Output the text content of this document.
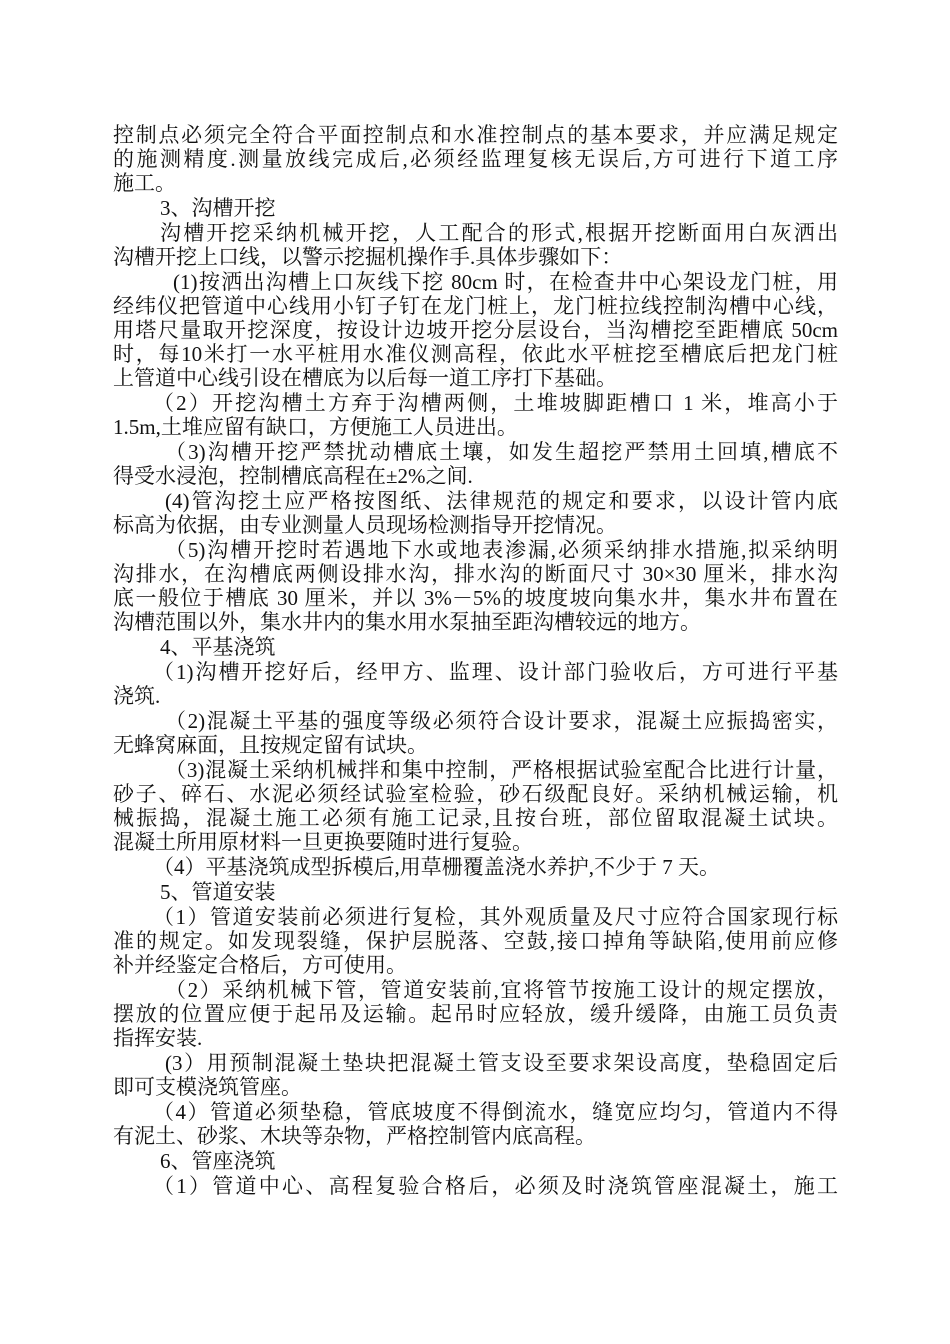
控制点必须完全符合平面控制点和水准控制点的基本要求，并应满足规定
的施测精度.测量放线完成后,必须经监理复核无误后,方可进行下道工序
施工。
3、沟槽开挖
沟槽开挖采纳机械开挖，人工配合的形式,根据开挖断面用白灰洒出
沟槽开挖上口线，以警示挖掘机操作手.具体步骤如下：
(1)按洒出沟槽上口灰线下挖 80cm 时，在检查井中心架设龙门桩，用
经纬仪把管道中心线用小钉子钉在龙门桩上，龙门桩拉线控制沟槽中心线，
用塔尺量取开挖深度，按设计边坡开挖分层设台，当沟槽挖至距槽底 50cm
时，每10米打一水平桩用水准仪测高程，依此水平桩挖至槽底后把龙门桩
上管道中心线引设在槽底为以后每一道工序打下基础。
（2）开挖沟槽土方弃于沟槽两侧，土堆坡脚距槽口 1 米，堆高小于
1.5m,土堆应留有缺口，方便施工人员进出。
（3)沟槽开挖严禁扰动槽底土壤，如发生超挖严禁用土回填,槽底不
得受水浸泡，控制槽底高程在±2%之间.
(4)管沟挖土应严格按图纸、法律规范的规定和要求，以设计管内底
标高为依据，由专业测量人员现场检测指导开挖情况。
（5)沟槽开挖时若遇地下水或地表渗漏,必须采纳排水措施,拟采纳明
沟排水，在沟槽底两侧设排水沟，排水沟的断面尺寸 30×30 厘米，排水沟
底一般位于槽底 30 厘米，并以 3%－5%的坡度坡向集水井，集水井布置在
沟槽范围以外，集水井内的集水用水泵抽至距沟槽较远的地方。
4、平基浇筑
（1)沟槽开挖好后，经甲方、监理、设计部门验收后，方可进行平基
浇筑.
（2)混凝土平基的强度等级必须符合设计要求，混凝土应振捣密实，
无蜂窝麻面，且按规定留有试块。
（3)混凝土采纳机械拌和集中控制，严格根据试验室配合比进行计量，
砂子、碎石、水泥必须经试验室检验，砂石级配良好。采纳机械运输，机
械振捣，混凝土施工必须有施工记录,且按台班，部位留取混凝土试块。
混凝土所用原材料一旦更换要随时进行复验。
（4）平基浇筑成型拆模后,用草栅覆盖浇水养护,不少于 7 天。
5、管道安装
（1）管道安装前必须进行复检，其外观质量及尺寸应符合国家现行标
准的规定。如发现裂缝，保护层脱落、空鼓,接口掉角等缺陷,使用前应修
补并经鉴定合格后，方可使用。
（2）采纳机械下管，管道安装前,宜将管节按施工设计的规定摆放，
摆放的位置应便于起吊及运输。起吊时应轻放，缓升缓降，由施工员负责
指挥安装.
(3）用预制混凝土垫块把混凝土管支设至要求架设高度，垫稳固定后
即可支模浇筑管座。
（4）管道必须垫稳，管底坡度不得倒流水，缝宽应均匀，管道内不得
有泥土、砂浆、木块等杂物，严格控制管内底高程。
6、管座浇筑
（1）管道中心、高程复验合格后，必须及时浇筑管座混凝土，施工
